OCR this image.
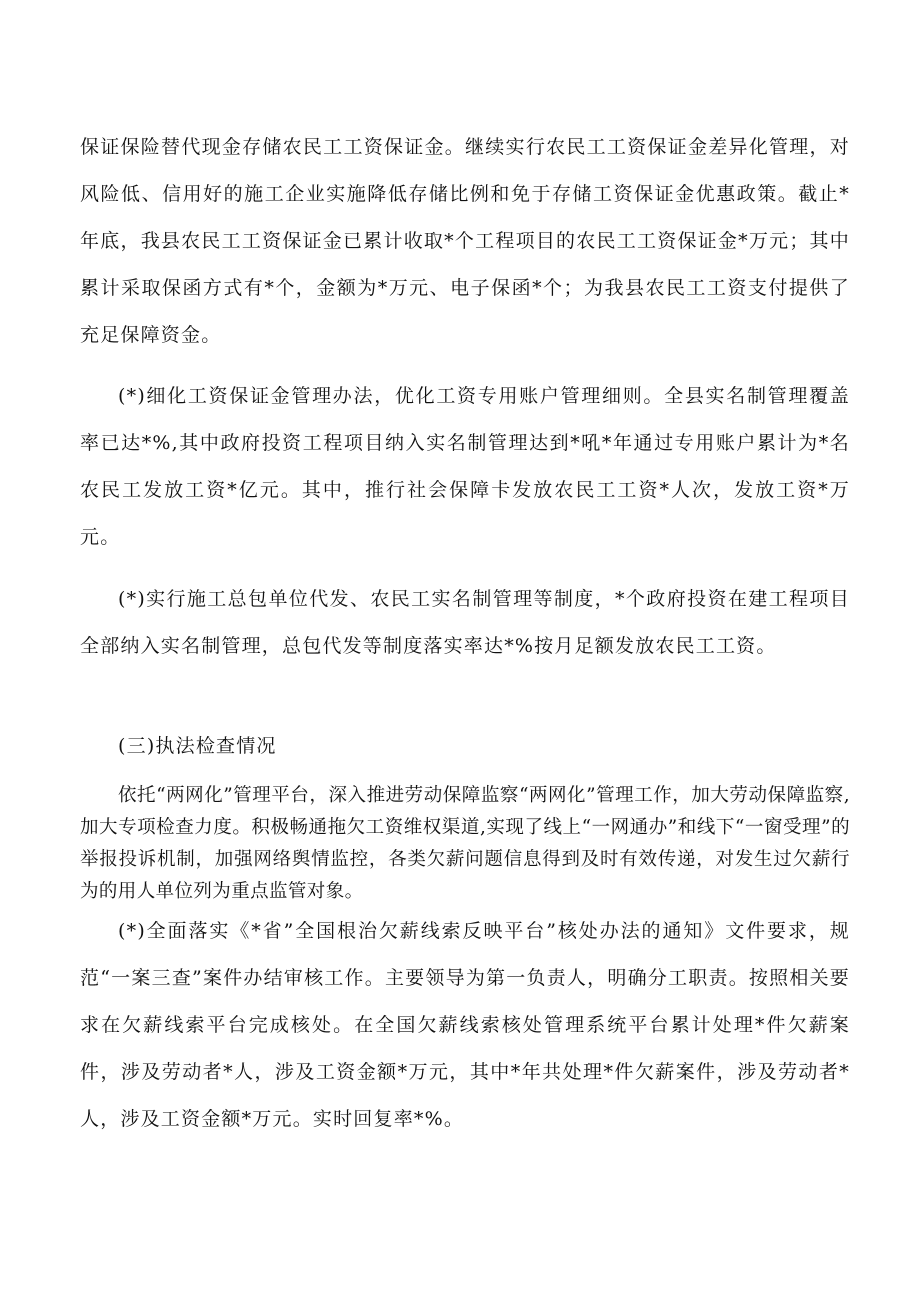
保证保险替代现金存储农民工工资保证金。继续实行农民工工资保证金差异化管理，对风险低、信用好的施工企业实施降低存储比例和免于存储工资保证金优惠政策。截止*年底，我县农民工工资保证金已累计收取*个工程项目的农民工工资保证金*万元；其中累计采取保函方式有*个，金额为*万元、电子保函*个；为我县农民工工资支付提供了充足保障资金。

(*)细化工资保证金管理办法，优化工资专用账户管理细则。全县实名制管理覆盖率已达*%,其中政府投资工程项目纳入实名制管理达到*吼*年通过专用账户累计为*名农民工发放工资*亿元。其中，推行社会保障卡发放农民工工资*人次，发放工资*万元。

(*)实行施工总包单位代发、农民工实名制管理等制度，*个政府投资在建工程项目全部纳入实名制管理，总包代发等制度落实率达*%按月足额发放农民工工资。

(三)执法检查情况

依托“两网化”管理平台，深入推进劳动保障监察“两网化”管理工作，加大劳动保障监察,加大专项检查力度。积极畅通拖欠工资维权渠道,实现了线上“一网通办”和线下“一窗受理”的举报投诉机制，加强网络舆情监控，各类欠薪问题信息得到及时有效传递，对发生过欠薪行为的用人单位列为重点监管对象。

(*)全面落实《*省”全国根治欠薪线索反映平台”核处办法的通知》文件要求，规范“一案三查”案件办结审核工作。主要领导为第一负责人，明确分工职责。按照相关要求在欠薪线索平台完成核处。在全国欠薪线索核处管理系统平台累计处理*件欠薪案件，涉及劳动者*人，涉及工资金额*万元，其中*年共处理*件欠薪案件，涉及劳动者*人，涉及工资金额*万元。实时回复率*%。
